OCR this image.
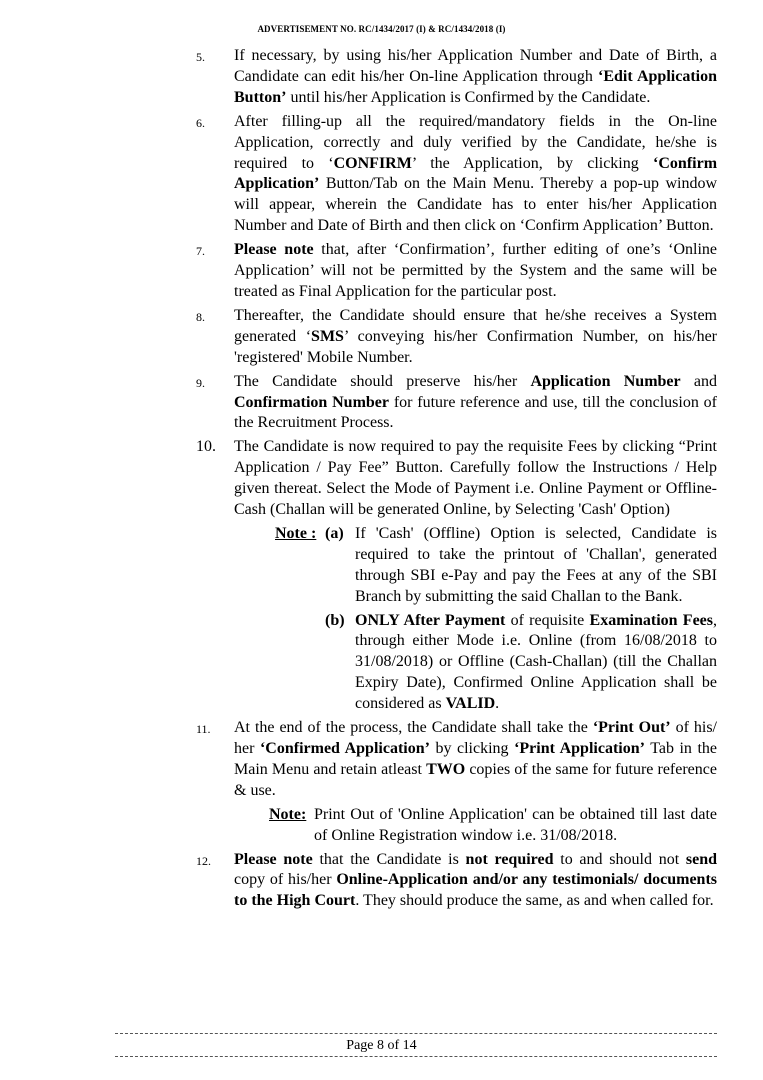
ADVERTISEMENT NO. RC/1434/2017 (I) & RC/1434/2018 (I)
5. If necessary, by using his/her Application Number and Date of Birth, a Candidate can edit his/her On-line Application through ‘Edit Application Button’ until his/her Application is Confirmed by the Candidate.
6. After filling-up all the required/mandatory fields in the On-line Application, correctly and duly verified by the Candidate, he/she is required to ‘CONFIRM’ the Application, by clicking ‘Confirm Application’ Button/Tab on the Main Menu. Thereby a pop-up window will appear, wherein the Candidate has to enter his/her Application Number and Date of Birth and then click on ‘Confirm Application’ Button.
7. Please note that, after ‘Confirmation’, further editing of one’s ‘Online Application’ will not be permitted by the System and the same will be treated as Final Application for the particular post.
8. Thereafter, the Candidate should ensure that he/she receives a System generated ‘SMS’ conveying his/her Confirmation Number, on his/her 'registered' Mobile Number.
9. The Candidate should preserve his/her Application Number and Confirmation Number for future reference and use, till the conclusion of the Recruitment Process.
10. The Candidate is now required to pay the requisite Fees by clicking “Print Application / Pay Fee” Button. Carefully follow the Instructions / Help given thereat. Select the Mode of Payment i.e. Online Payment or Offline-Cash (Challan will be generated Online, by Selecting 'Cash' Option)
Note : (a) If 'Cash' (Offline) Option is selected, Candidate is required to take the printout of 'Challan', generated through SBI e-Pay and pay the Fees at any of the SBI Branch by submitting the said Challan to the Bank.
(b) ONLY After Payment of requisite Examination Fees, through either Mode i.e. Online (from 16/08/2018 to 31/08/2018) or Offline (Cash-Challan) (till the Challan Expiry Date), Confirmed Online Application shall be considered as VALID.
11. At the end of the process, the Candidate shall take the ‘Print Out’ of his/ her ‘Confirmed Application’ by clicking ‘Print Application’ Tab in the Main Menu and retain atleast TWO copies of the same for future reference & use.
Note: Print Out of 'Online Application' can be obtained till last date of Online Registration window i.e. 31/08/2018.
12. Please note that the Candidate is not required to and should not send copy of his/her Online-Application and/or any testimonials/ documents to the High Court. They should produce the same, as and when called for.
Page 8 of 14
